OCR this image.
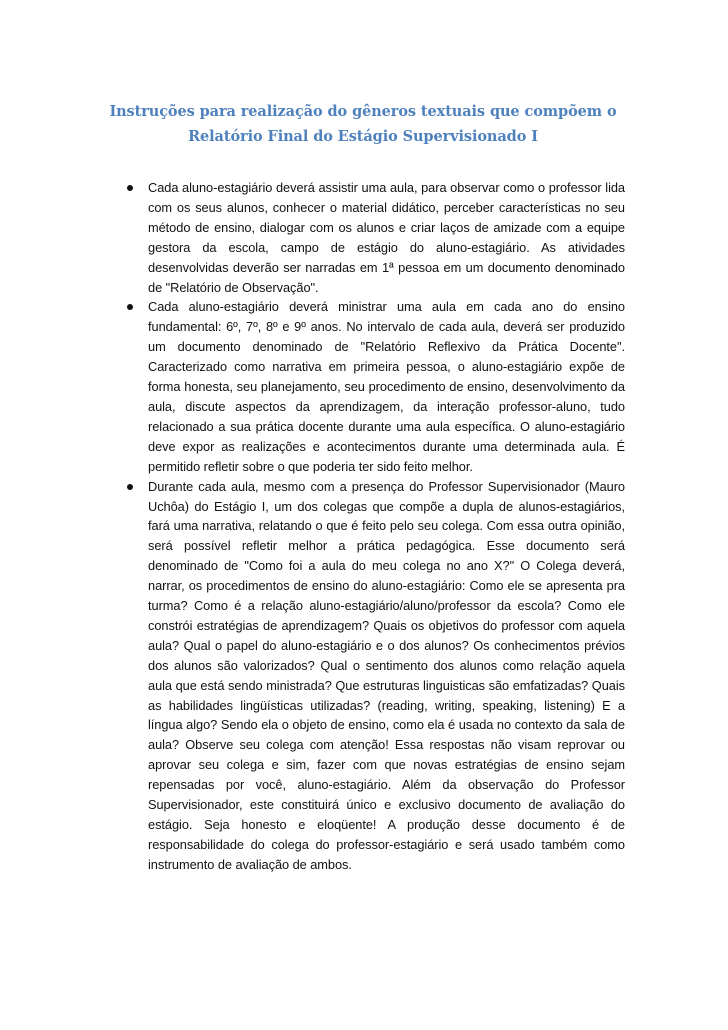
Instruções para realização do gêneros textuais que compõem o
Relatório Final do Estágio Supervisionado I
Cada aluno-estagiário deverá assistir uma aula, para observar como o professor lida com os seus alunos, conhecer o material didático, perceber características no seu método de ensino, dialogar com os alunos e criar laços de amizade com a equipe gestora da escola, campo de estágio do aluno-estagiário. As atividades desenvolvidas deverão ser narradas em 1ª pessoa em um documento denominado de "Relatório de Observação".
Cada aluno-estagiário deverá ministrar uma aula em cada ano do ensino fundamental: 6º, 7º, 8º e 9º anos. No intervalo de cada aula, deverá ser produzido um documento denominado de "Relatório Reflexivo da Prática Docente". Caracterizado como narrativa em primeira pessoa, o aluno-estagiário expõe de forma honesta, seu planejamento, seu procedimento de ensino, desenvolvimento da aula, discute aspectos da aprendizagem, da interação professor-aluno, tudo relacionado a sua prática docente durante uma aula específica. O aluno-estagiário deve expor as realizações e acontecimentos durante uma determinada aula. É permitido refletir sobre o que poderia ter sido feito melhor.
Durante cada aula, mesmo com a presença do Professor Supervisionador (Mauro Uchôa) do Estágio I, um dos colegas que compõe a dupla de alunos-estagiários, fará uma narrativa, relatando o que é feito pelo seu colega. Com essa outra opinião, será possível refletir melhor a prática pedagógica. Esse documento será denominado de "Como foi a aula do meu colega no ano X?" O Colega deverá, narrar, os procedimentos de ensino do aluno-estagiário: Como ele se apresenta pra turma? Como é a relação aluno-estagiário/aluno/professor da escola? Como ele constrói estratégias de aprendizagem? Quais os objetivos do professor com aquela aula? Qual o papel do aluno-estagiário e o dos alunos? Os conhecimentos prévios dos alunos são valorizados? Qual o sentimento dos alunos como relação aquela aula que está sendo ministrada? Que estruturas linguisticas são emfatizadas? Quais as habilidades lingüísticas utilizadas? (reading, writing, speaking, listening) E a língua algo? Sendo ela o objeto de ensino, como ela é usada no contexto da sala de aula? Observe seu colega com atenção! Essa respostas não visam reprovar ou aprovar seu colega e sim, fazer com que novas estratégias de ensino sejam repensadas por você, aluno-estagiário. Além da observação do Professor Supervisionador, este constituirá único e exclusivo documento de avaliação do estágio. Seja honesto e eloqüente! A produção desse documento é de responsabilidade do colega do professor-estagiário e será usado também como instrumento de avaliação de ambos.
